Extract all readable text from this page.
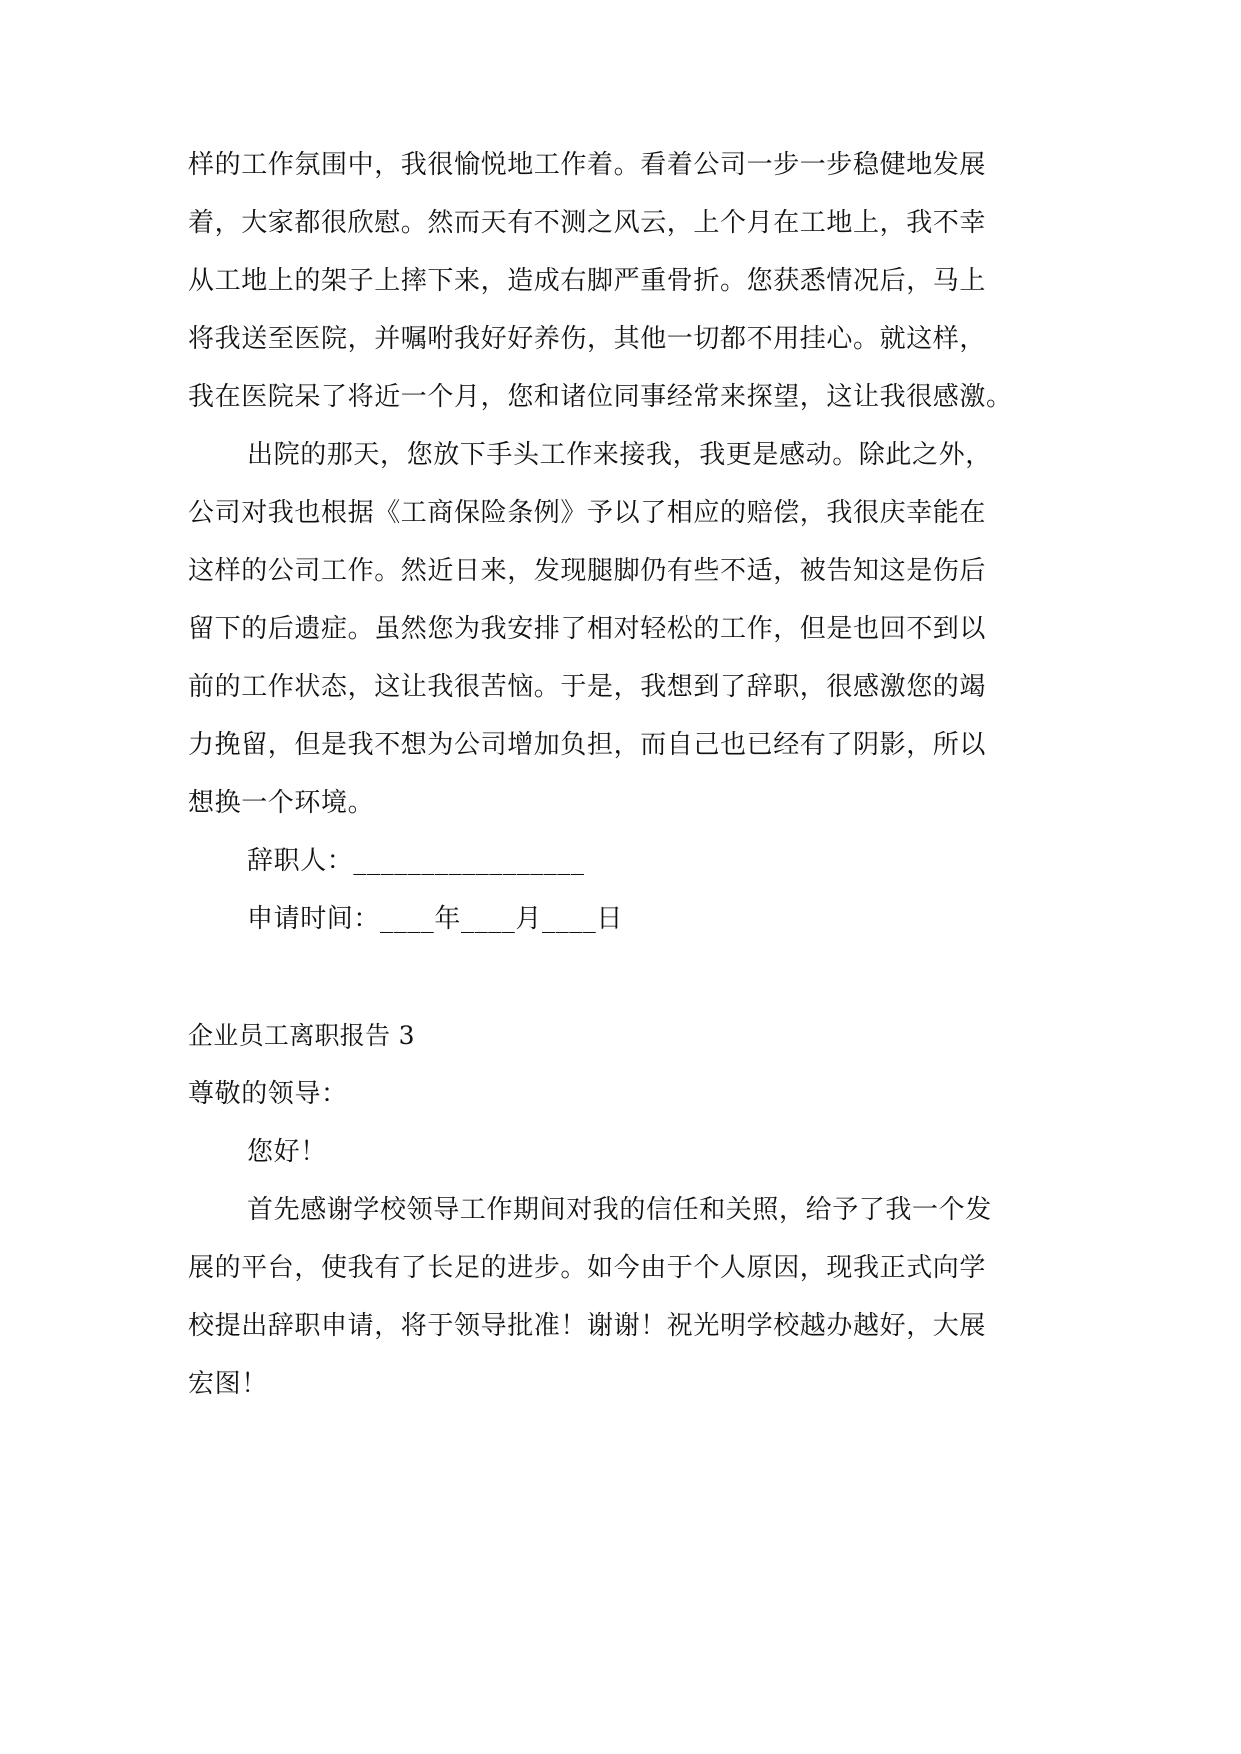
样的工作氛围中，我很愉悦地工作着。看着公司一步一步稳健地发展
着，大家都很欣慰。然而天有不测之风云，上个月在工地上，我不幸
从工地上的架子上摔下来，造成右脚严重骨折。您获悉情况后，马上
将我送至医院，并嘱咐我好好养伤，其他一切都不用挂心。就这样，
我在医院呆了将近一个月，您和诸位同事经常来探望，这让我很感激。
出院的那天，您放下手头工作来接我，我更是感动。除此之外，
公司对我也根据《工商保险条例》予以了相应的赔偿，我很庆幸能在
这样的公司工作。然近日来，发现腿脚仍有些不适，被告知这是伤后
留下的后遗症。虽然您为我安排了相对轻松的工作，但是也回不到以
前的工作状态，这让我很苦恼。于是，我想到了辞职，很感激您的竭
力挽留，但是我不想为公司增加负担，而自己也已经有了阴影，所以
想换一个环境。
辞职人：_________________
申请时间：____年____月____日
企业员工离职报告 3
尊敬的领导：
您好！
首先感谢学校领导工作期间对我的信任和关照，给予了我一个发
展的平台，使我有了长足的进步。如今由于个人原因，现我正式向学
校提出辞职申请，将于领导批准！谢谢！祝光明学校越办越好，大展
宏图！
